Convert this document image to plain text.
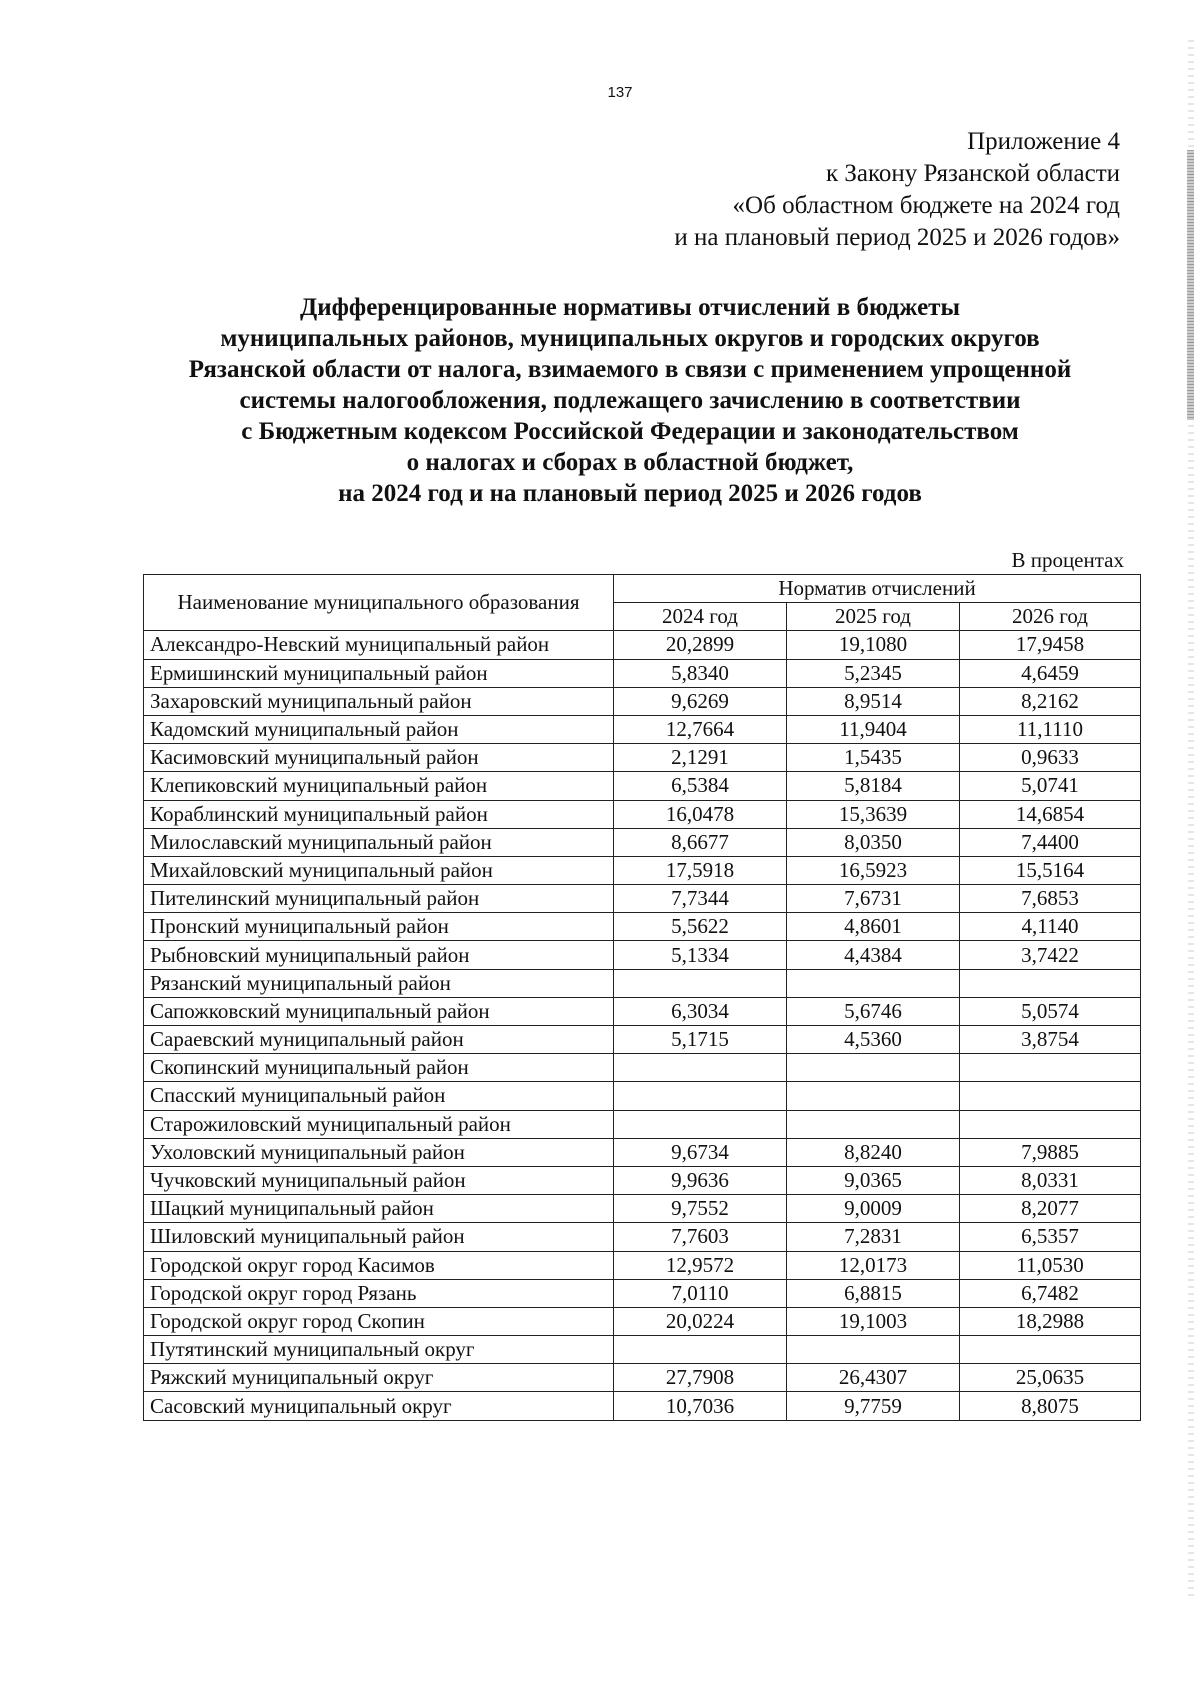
137
Приложение 4
к Закону Рязанской области
«Об областном бюджете на 2024 год
и на плановый период 2025 и 2026 годов»
Дифференцированные нормативы отчислений в бюджеты
муниципальных районов, муниципальных округов и городских округов
Рязанской области от налога, взимаемого в связи с применением упрощенной
системы налогообложения, подлежащего зачислению в соответствии
с Бюджетным кодексом Российской Федерации и законодательством
о налогах и сборах в областной бюджет,
на 2024 год и на плановый период 2025 и 2026 годов
В процентах
Наименование муниципального образования	Норматив отчислений		
	2024 год	2025 год	2026 год
Александро-Невский муниципальный район	20,2899	19,1080	17,9458
Ермишинский муниципальный район	5,8340	5,2345	4,6459
Захаровский муниципальный район	9,6269	8,9514	8,2162
Кадомский муниципальный район	12,7664	11,9404	11,1110
Касимовский муниципальный район	2,1291	1,5435	0,9633
Клепиковский муниципальный район	6,5384	5,8184	5,0741
Кораблинский муниципальный район	16,0478	15,3639	14,6854
Милославский муниципальный район	8,6677	8,0350	7,4400
Михайловский муниципальный район	17,5918	16,5923	15,5164
Пителинский муниципальный район	7,7344	7,6731	7,6853
Пронский муниципальный район	5,5622	4,8601	4,1140
Рыбновский муниципальный район	5,1334	4,4384	3,7422
Рязанский муниципальный район			
Сапожковский муниципальный район	6,3034	5,6746	5,0574
Сараевский муниципальный район	5,1715	4,5360	3,8754
Скопинский муниципальный район			
Спасский муниципальный район			
Старожиловский муниципальный район			
Ухоловский муниципальный район	9,6734	8,8240	7,9885
Чучковский муниципальный район	9,9636	9,0365	8,0331
Шацкий муниципальный район	9,7552	9,0009	8,2077
Шиловский муниципальный район	7,7603	7,2831	6,5357
Городской округ город Касимов	12,9572	12,0173	11,0530
Городской округ город Рязань	7,0110	6,8815	6,7482
Городской округ город Скопин	20,0224	19,1003	18,2988
Путятинский муниципальный округ			
Ряжский муниципальный округ	27,7908	26,4307	25,0635
Сасовский муниципальный округ	10,7036	9,7759	8,8075
